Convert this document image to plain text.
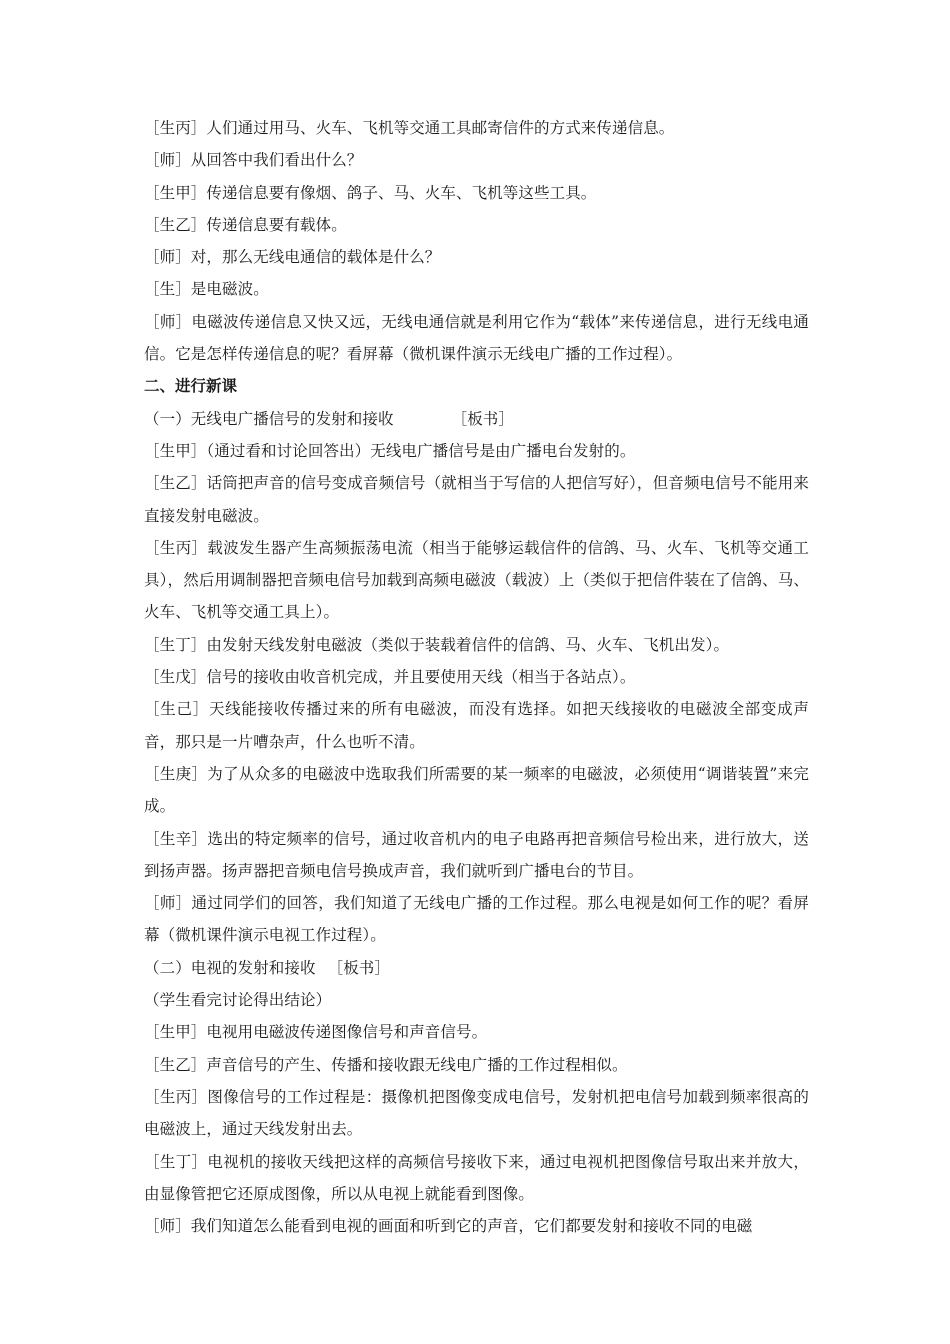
［生丙］人们通过用马、火车、飞机等交通工具邮寄信件的方式来传递信息。

［师］从回答中我们看出什么？

［生甲］传递信息要有像烟、鸽子、马、火车、飞机等这些工具。

［生乙］传递信息要有载体。

［师］对，那么无线电通信的载体是什么？

［生］是电磁波。

［师］电磁波传递信息又快又远，无线电通信就是利用它作为“载体”来传递信息，进行无线电通信。它是怎样传递信息的呢？看屏幕（微机课件演示无线电广播的工作过程）。

二、进行新课

（一）无线电广播信号的发射和接收	［板书］

［生甲］（通过看和讨论回答出）无线电广播信号是由广播电台发射的。

［生乙］话筒把声音的信号变成音频信号（就相当于写信的人把信写好），但音频电信号不能用来直接发射电磁波。

［生丙］载波发生器产生高频振荡电流（相当于能够运载信件的信鸽、马、火车、飞机等交通工具），然后用调制器把音频电信号加载到高频电磁波（载波）上（类似于把信件装在了信鸽、马、火车、飞机等交通工具上）。

［生丁］由发射天线发射电磁波（类似于装载着信件的信鸽、马、火车、飞机出发）。

［生戊］信号的接收由收音机完成，并且要使用天线（相当于各站点）。

［生己］天线能接收传播过来的所有电磁波，而没有选择。如把天线接收的电磁波全部变成声音，那只是一片嘈杂声，什么也听不清。

［生庚］为了从众多的电磁波中选取我们所需要的某一频率的电磁波，必须使用“调谐装置”来完成。

［生辛］选出的特定频率的信号，通过收音机内的电子电路再把音频信号检出来，进行放大，送到扬声器。扬声器把音频电信号换成声音，我们就听到广播电台的节目。

［师］通过同学们的回答，我们知道了无线电广播的工作过程。那么电视是如何工作的呢？看屏幕（微机课件演示电视工作过程）。

（二）电视的发射和接收 ［板书］

（学生看完讨论得出结论）

［生甲］电视用电磁波传递图像信号和声音信号。

［生乙］声音信号的产生、传播和接收跟无线电广播的工作过程相似。

［生丙］图像信号的工作过程是：摄像机把图像变成电信号，发射机把电信号加载到频率很高的电磁波上，通过天线发射出去。

［生丁］电视机的接收天线把这样的高频信号接收下来，通过电视机把图像信号取出来并放大，由显像管把它还原成图像，所以从电视上就能看到图像。

［师］我们知道怎么能看到电视的画面和听到它的声音，它们都要发射和接收不同的电磁
